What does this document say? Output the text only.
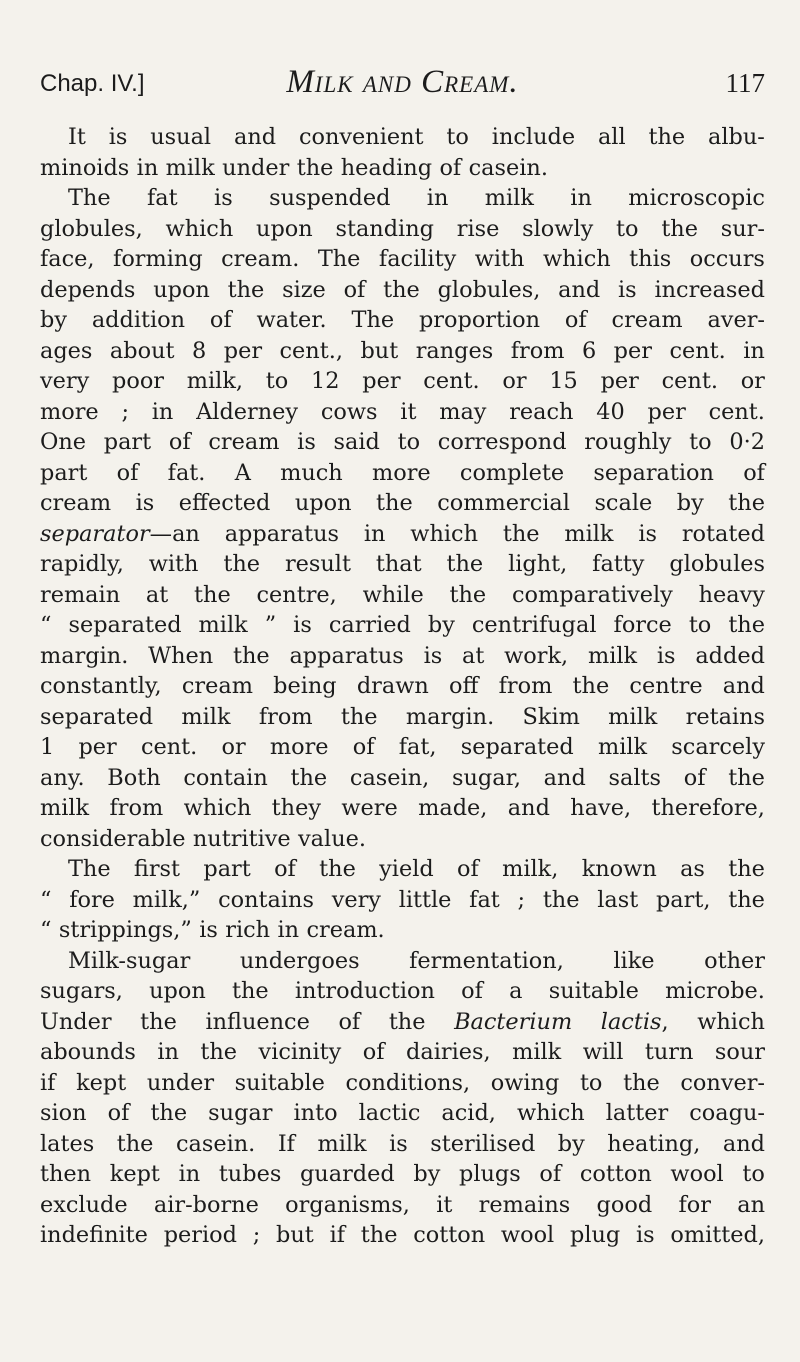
Chap. IV.]	Milk and Cream.	117
It is usual and convenient to include all the albu-
minoids in milk under the heading of casein.
The fat is suspended in milk in microscopic
globules, which upon standing rise slowly to the sur-
face, forming cream. The facility with which this occurs
depends upon the size of the globules, and is increased
by addition of water. The proportion of cream aver-
ages about 8 per cent., but ranges from 6 per cent. in
very poor milk, to 12 per cent. or 15 per cent. or
more ; in Alderney cows it may reach 40 per cent.
One part of cream is said to correspond roughly to 0·2
part of fat. A much more complete separation of
cream is effected upon the commercial scale by the
separator—an apparatus in which the milk is rotated
rapidly, with the result that the light, fatty globules
remain at the centre, while the comparatively heavy
“ separated milk ” is carried by centrifugal force to the
margin. When the apparatus is at work, milk is added
constantly, cream being drawn off from the centre and
separated milk from the margin. Skim milk retains
1 per cent. or more of fat, separated milk scarcely
any. Both contain the casein, sugar, and salts of the
milk from which they were made, and have, therefore,
considerable nutritive value.
The first part of the yield of milk, known as the
“ fore milk,” contains very little fat ; the last part, the
“ strippings,” is rich in cream.
Milk-sugar undergoes fermentation, like other
sugars, upon the introduction of a suitable microbe.
Under the influence of the Bacterium lactis, which
abounds in the vicinity of dairies, milk will turn sour
if kept under suitable conditions, owing to the conver-
sion of the sugar into lactic acid, which latter coagu-
lates the casein. If milk is sterilised by heating, and
then kept in tubes guarded by plugs of cotton wool to
exclude air-borne organisms, it remains good for an
indefinite period ; but if the cotton wool plug is omitted,
